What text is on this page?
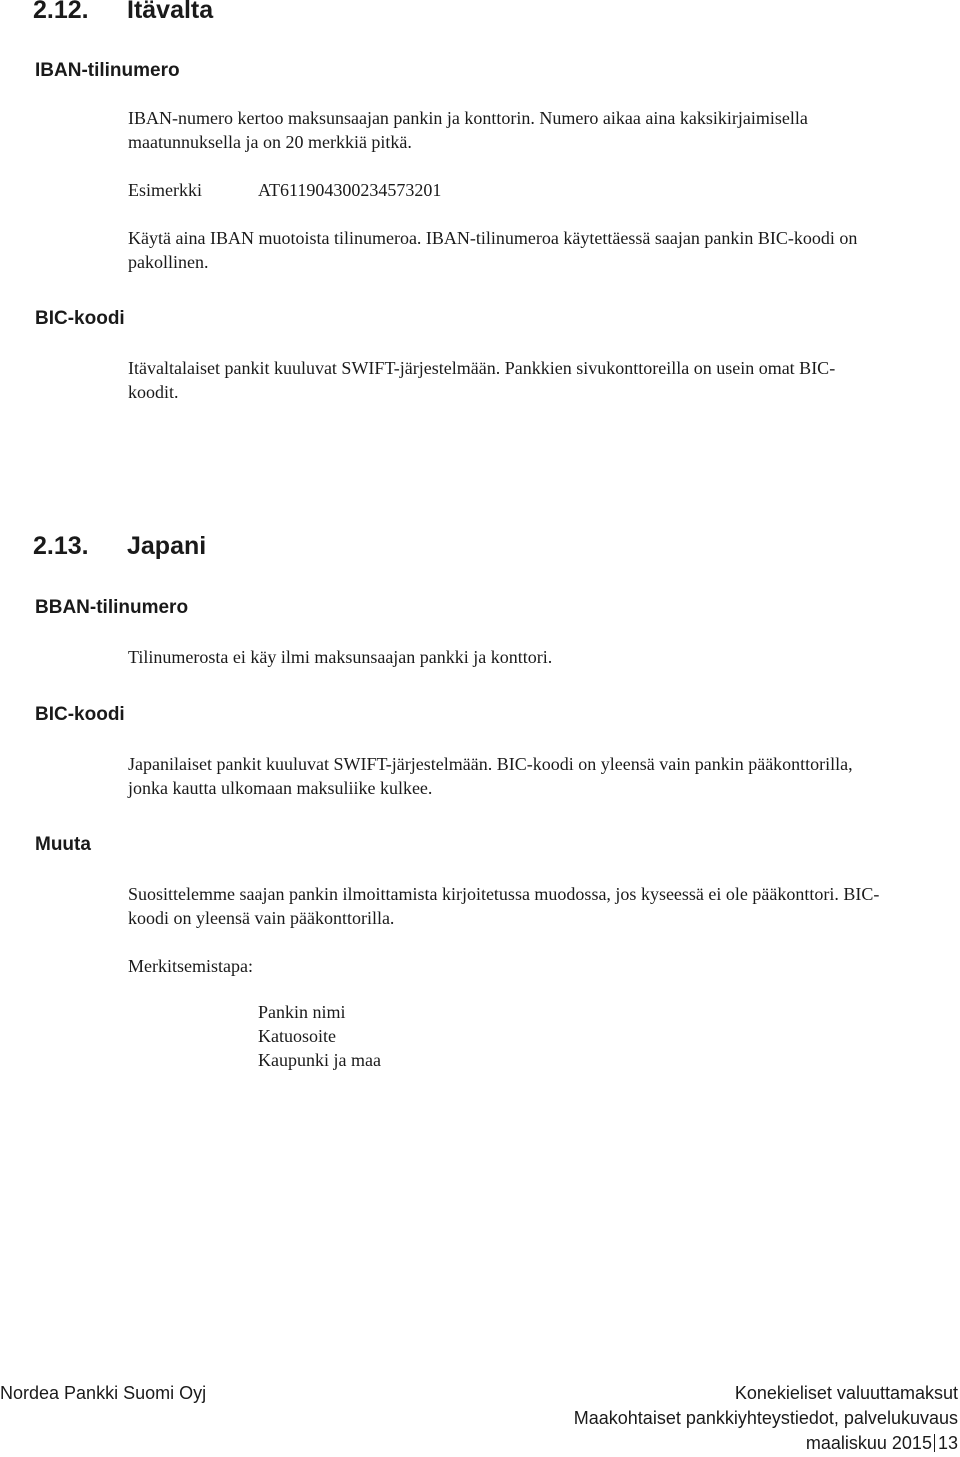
2.12. Itävalta
IBAN-tilinumero
IBAN-numero kertoo maksunsaajan pankin ja konttorin. Numero aikaa aina kaksikirjaimisella
maatunnuksella ja on 20 merkkiä pitkä.
Esimerkki	AT611904300234573201
Käytä aina IBAN muotoista tilinumeroa. IBAN-tilinumeroa käytettäessä saajan pankin BIC-koodi on
pakollinen.
BIC-koodi
Itävaltalaiset pankit kuuluvat SWIFT-järjestelmään. Pankkien sivukonttoreilla on usein omat BIC-
koodit.
2.13. Japani
BBAN-tilinumero
Tilinumerosta ei käy ilmi maksunsaajan pankki ja konttori.
BIC-koodi
Japanilaiset pankit kuuluvat SWIFT-järjestelmään. BIC-koodi on yleensä vain pankin pääkonttorilla,
jonka kautta ulkomaan maksuliike kulkee.
Muuta
Suosittelemme saajan pankin ilmoittamista kirjoitetussa muodossa, jos kyseessä ei ole pääkonttori. BIC-
koodi on yleensä vain pääkonttorilla.
Merkitsemistapa:
Pankin nimi
Katuosoite
Kaupunki ja maa
Nordea Pankki Suomi Oyj	Konekieliset valuuttamaksut
Maakohtaiset pankkiyhteystiedot, palvelukuvaus
maaliskuu 2015 13
